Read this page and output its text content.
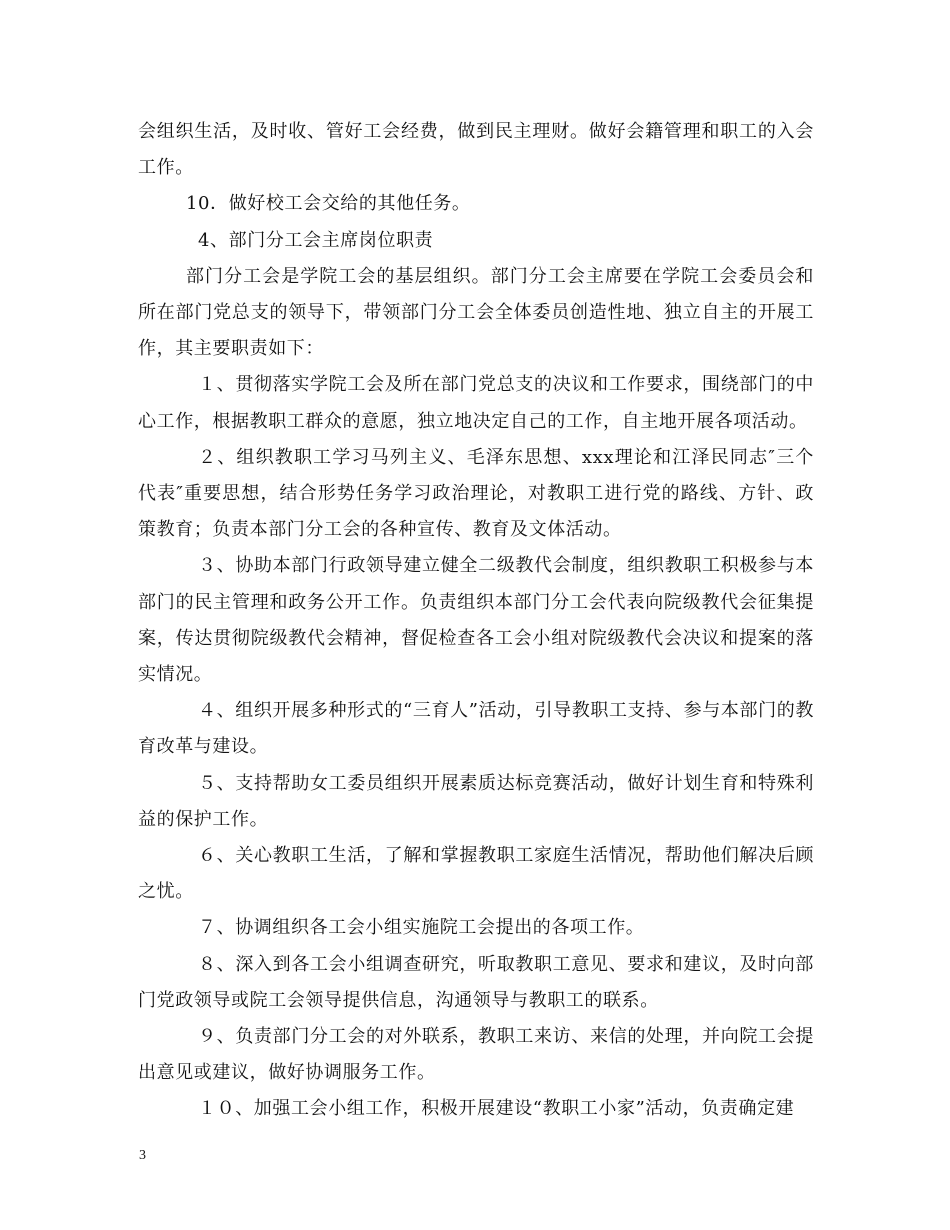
会组织生活，及时收、管好工会经费，做到民主理财。做好会籍管理和职工的入会工作。

10．做好校工会交给的其他任务。

4、部门分工会主席岗位职责

部门分工会是学院工会的基层组织。部门分工会主席要在学院工会委员会和所在部门党总支的领导下，带领部门分工会全体委员创造性地、独立自主的开展工作，其主要职责如下：

１、贯彻落实学院工会及所在部门党总支的决议和工作要求，围绕部门的中心工作，根据教职工群众的意愿，独立地决定自己的工作，自主地开展各项活动。

２、组织教职工学习马列主义、毛泽东思想、xxx理论和江泽民同志″三个代表″重要思想，结合形势任务学习政治理论，对教职工进行党的路线、方针、政策教育；负责本部门分工会的各种宣传、教育及文体活动。

３、协助本部门行政领导建立健全二级教代会制度，组织教职工积极参与本部门的民主管理和政务公开工作。负责组织本部门分工会代表向院级教代会征集提案，传达贯彻院级教代会精神，督促检查各工会小组对院级教代会决议和提案的落实情况。

４、组织开展多种形式的“三育人”活动，引导教职工支持、参与本部门的教育改革与建设。

５、支持帮助女工委员组织开展素质达标竞赛活动，做好计划生育和特殊利益的保护工作。

６、关心教职工生活，了解和掌握教职工家庭生活情况，帮助他们解决后顾之忧。

７、协调组织各工会小组实施院工会提出的各项工作。

８、深入到各工会小组调查研究，听取教职工意见、要求和建议，及时向部门党政领导或院工会领导提供信息，沟通领导与教职工的联系。

９、负责部门分工会的对外联系，教职工来访、来信的处理，并向院工会提出意见或建议，做好协调服务工作。

１０、加强工会小组工作，积极开展建设“教职工小家”活动，负责确定建

3
